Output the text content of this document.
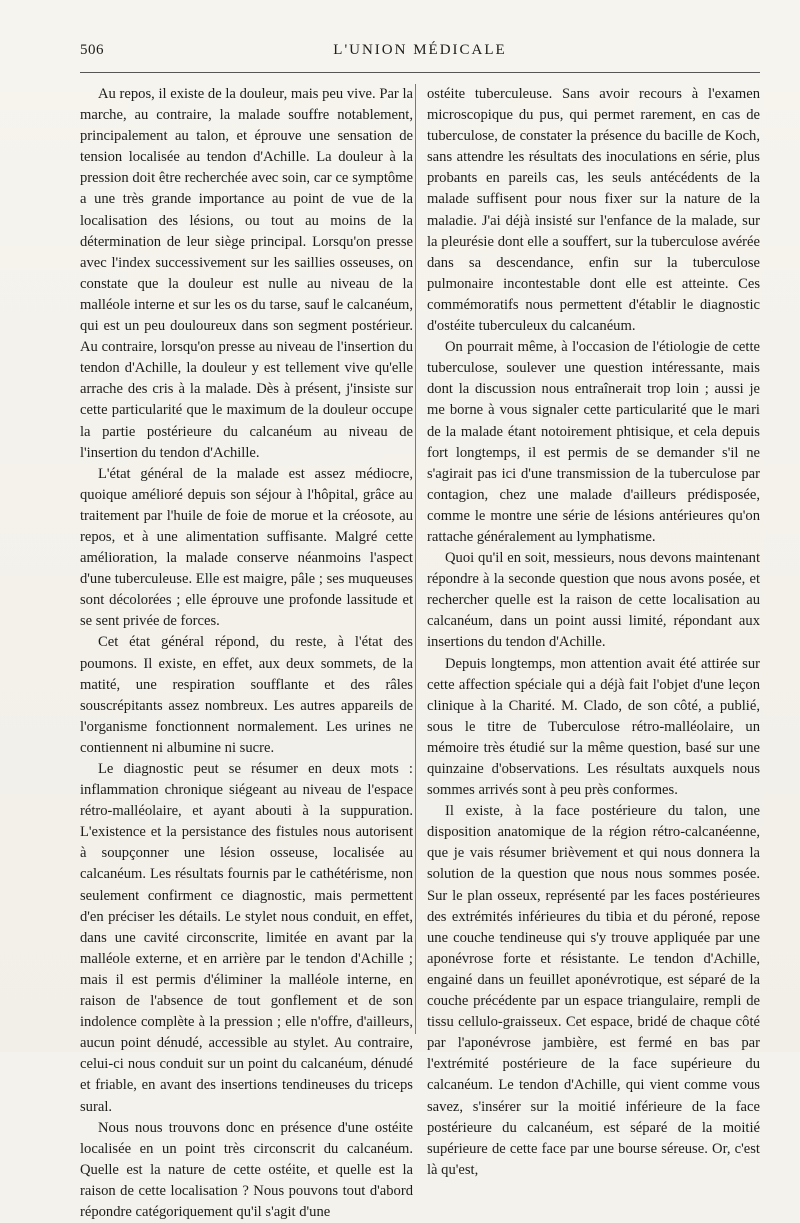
506	L'UNION MÉDICALE

Au repos, il existe de la douleur, mais peu vive. Par la marche, au contraire, la malade souffre notablement, principalement au talon, et éprouve une sensation de tension localisée au tendon d'Achille. La douleur à la pression doit être recherchée avec soin, car ce symptôme a une très grande importance au point de vue de la localisation des lésions, ou tout au moins de la détermination de leur siège principal. Lorsqu'on presse avec l'index successivement sur les saillies osseuses, on constate que la douleur est nulle au niveau de la malléole interne et sur les os du tarse, sauf le calcanéum, qui est un peu douloureux dans son segment postérieur. Au contraire, lorsqu'on presse au niveau de l'insertion du tendon d'Achille, la douleur y est tellement vive qu'elle arrache des cris à la malade. Dès à présent, j'insiste sur cette particularité que le maximum de la douleur occupe la partie postérieure du calcanéum au niveau de l'insertion du tendon d'Achille.

L'état général de la malade est assez médiocre, quoique amélioré depuis son séjour à l'hôpital, grâce au traitement par l'huile de foie de morue et la créosote, au repos, et à une alimentation suffisante. Malgré cette amélioration, la malade conserve néanmoins l'aspect d'une tuberculeuse. Elle est maigre, pâle ; ses muqueuses sont décolorées ; elle éprouve une profonde lassitude et se sent privée de forces.

Cet état général répond, du reste, à l'état des poumons. Il existe, en effet, aux deux sommets, de la matité, une respiration soufflante et des râles souscrépitants assez nombreux. Les autres appareils de l'organisme fonctionnent normalement. Les urines ne contiennent ni albumine ni sucre.

Le diagnostic peut se résumer en deux mots : inflammation chronique siégeant au niveau de l'espace rétro-malléolaire, et ayant abouti à la suppuration. L'existence et la persistance des fistules nous autorisent à soupçonner une lésion osseuse, localisée au calcanéum. Les résultats fournis par le cathétérisme, non seulement confirment ce diagnostic, mais permettent d'en préciser les détails. Le stylet nous conduit, en effet, dans une cavité circonscrite, limitée en avant par la malléole externe, et en arrière par le tendon d'Achille ; mais il est permis d'éliminer la malléole interne, en raison de l'absence de tout gonflement et de son indolence complète à la pression ; elle n'offre, d'ailleurs, aucun point dénudé, accessible au stylet. Au contraire, celui-ci nous conduit sur un point du calcanéum, dénudé et friable, en avant des insertions tendineuses du triceps sural.

Nous nous trouvons donc en présence d'une ostéite localisée en un point très circonscrit du calcanéum. Quelle est la nature de cette ostéite, et quelle est la raison de cette localisation ? Nous pouvons tout d'abord répondre catégoriquement qu'il s'agit d'une

ostéite tuberculeuse. Sans avoir recours à l'examen microscopique du pus, qui permet rarement, en cas de tuberculose, de constater la présence du bacille de Koch, sans attendre les résultats des inoculations en série, plus probants en pareils cas, les seuls antécédents de la malade suffisent pour nous fixer sur la nature de la maladie. J'ai déjà insisté sur l'enfance de la malade, sur la pleurésie dont elle a souffert, sur la tuberculose avérée dans sa descendance, enfin sur la tuberculose pulmonaire incontestable dont elle est atteinte. Ces commémoratifs nous permettent d'établir le diagnostic d'ostéite tuberculeux du calcanéum.

On pourrait même, à l'occasion de l'étiologie de cette tuberculose, soulever une question intéressante, mais dont la discussion nous entraînerait trop loin ; aussi je me borne à vous signaler cette particularité que le mari de la malade étant notoirement phtisique, et cela depuis fort longtemps, il est permis de se demander s'il ne s'agirait pas ici d'une transmission de la tuberculose par contagion, chez une malade d'ailleurs prédisposée, comme le montre une série de lésions antérieures qu'on rattache généralement au lymphatisme.

Quoi qu'il en soit, messieurs, nous devons maintenant répondre à la seconde question que nous avons posée, et rechercher quelle est la raison de cette localisation au calcanéum, dans un point aussi limité, répondant aux insertions du tendon d'Achille.

Depuis longtemps, mon attention avait été attirée sur cette affection spéciale qui a déjà fait l'objet d'une leçon clinique à la Charité. M. Clado, de son côté, a publié, sous le titre de Tuberculose rétro-malléolaire, un mémoire très étudié sur la même question, basé sur une quinzaine d'observations. Les résultats auxquels nous sommes arrivés sont à peu près conformes.

Il existe, à la face postérieure du talon, une disposition anatomique de la région rétro-calcanéenne, que je vais résumer brièvement et qui nous donnera la solution de la question que nous nous sommes posée. Sur le plan osseux, représenté par les faces postérieures des extrémités inférieures du tibia et du péroné, repose une couche tendineuse qui s'y trouve appliquée par une aponévrose forte et résistante. Le tendon d'Achille, engainé dans un feuillet aponévrotique, est séparé de la couche précédente par un espace triangulaire, rempli de tissu cellulo-graisseux. Cet espace, bridé de chaque côté par l'aponévrose jambière, est fermé en bas par l'extrémité postérieure de la face supérieure du calcanéum. Le tendon d'Achille, qui vient comme vous savez, s'insérer sur la moitié inférieure de la face postérieure du calcanéum, est séparé de la moitié supérieure de cette face par une bourse séreuse. Or, c'est là qu'est,
